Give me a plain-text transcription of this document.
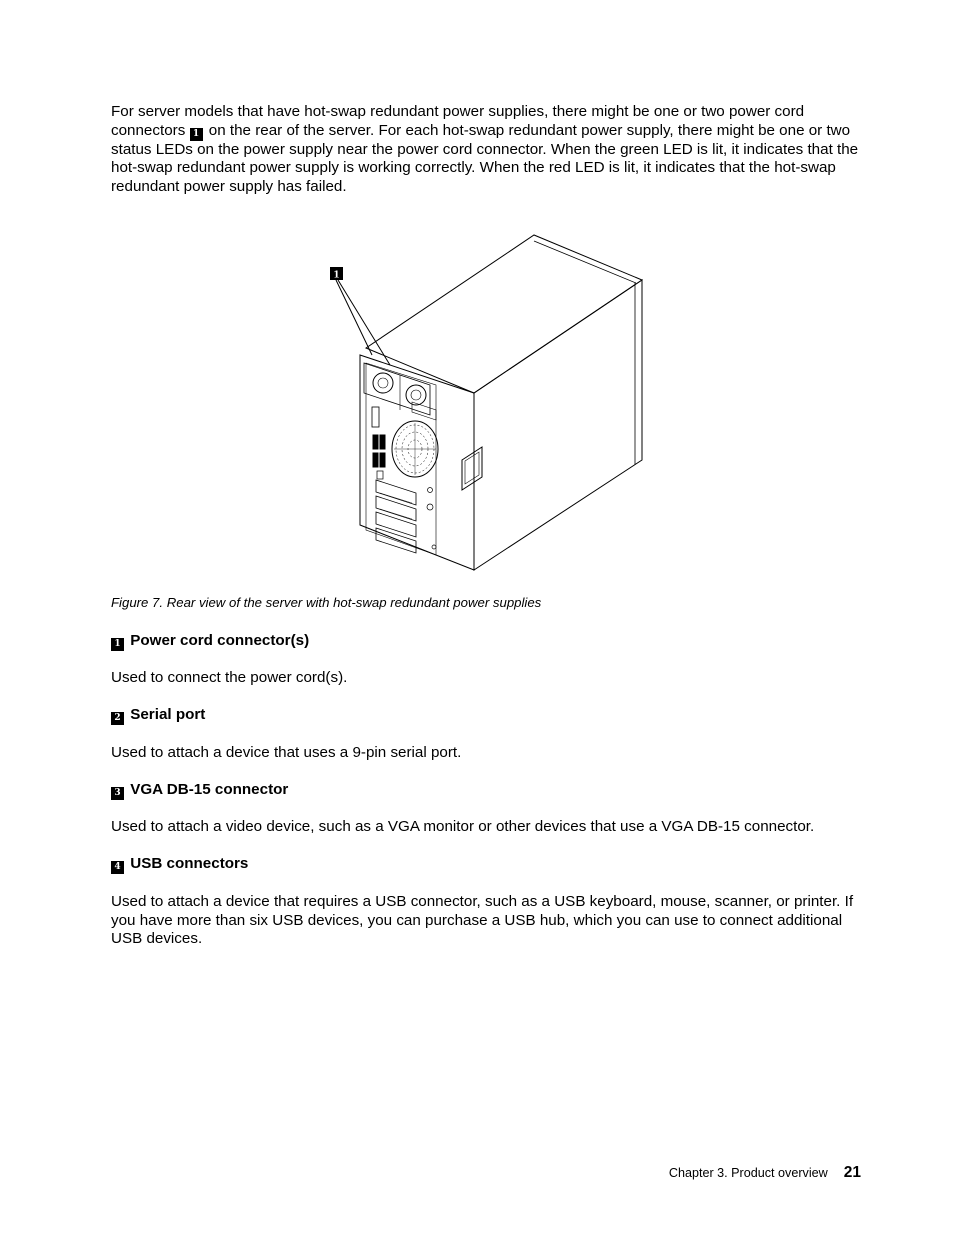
For server models that have hot-swap redundant power supplies, there might be one or two power cord connectors 1 on the rear of the server. For each hot-swap redundant power supply, there might be one or two status LEDs on the power supply near the power cord connector. When the green LED is lit, it indicates that the hot-swap redundant power supply is working correctly. When the red LED is lit, it indicates that the hot-swap redundant power supply has failed.

1

Figure 7. Rear view of the server with hot-swap redundant power supplies

1 Power cord connector(s)

Used to connect the power cord(s).

2 Serial port

Used to attach a device that uses a 9-pin serial port.

3 VGA DB-15 connector

Used to attach a video device, such as a VGA monitor or other devices that use a VGA DB-15 connector.

4 USB connectors

Used to attach a device that requires a USB connector, such as a USB keyboard, mouse, scanner, or printer. If you have more than six USB devices, you can purchase a USB hub, which you can use to connect additional USB devices.

Chapter 3. Product overview 21
